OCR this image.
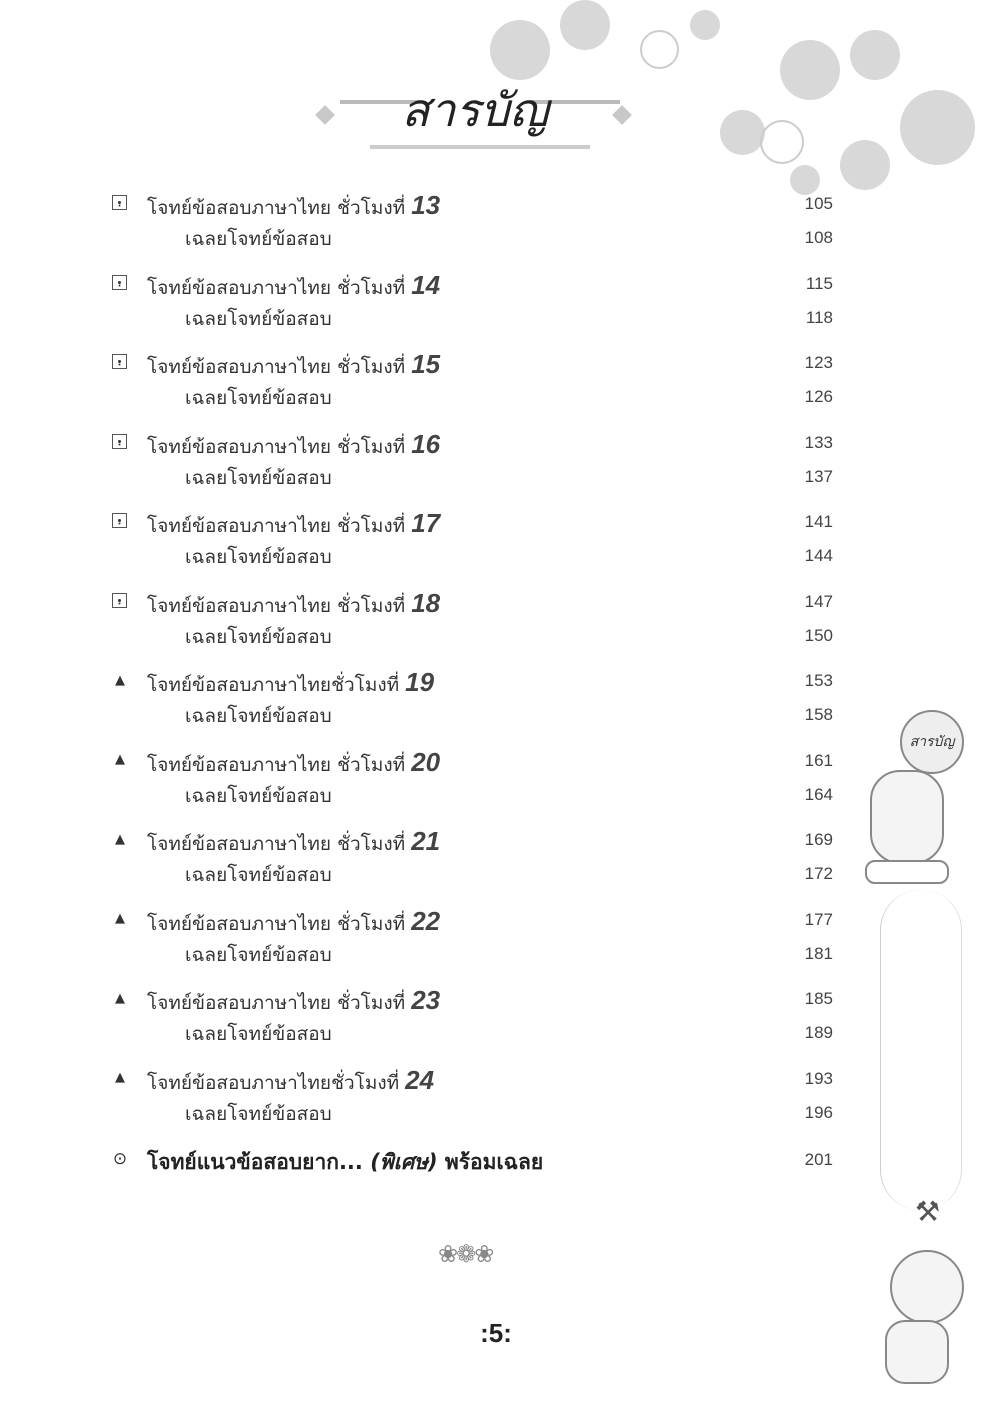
สารบัญ
โจทย์ข้อสอบภาษาไทย ชั่วโมงที่ 13	105
เฉลยโจทย์ข้อสอบ	108
โจทย์ข้อสอบภาษาไทย ชั่วโมงที่ 14	115
เฉลยโจทย์ข้อสอบ	118
โจทย์ข้อสอบภาษาไทย ชั่วโมงที่ 15	123
เฉลยโจทย์ข้อสอบ	126
โจทย์ข้อสอบภาษาไทย ชั่วโมงที่ 16	133
เฉลยโจทย์ข้อสอบ	137
โจทย์ข้อสอบภาษาไทย ชั่วโมงที่ 17	141
เฉลยโจทย์ข้อสอบ	144
โจทย์ข้อสอบภาษาไทย ชั่วโมงที่ 18	147
เฉลยโจทย์ข้อสอบ	150
▲ โจทย์ข้อสอบภาษาไทยชั่วโมงที่ 19	153
เฉลยโจทย์ข้อสอบ	158
▲ โจทย์ข้อสอบภาษาไทย ชั่วโมงที่ 20	161
เฉลยโจทย์ข้อสอบ	164
▲ โจทย์ข้อสอบภาษาไทย ชั่วโมงที่ 21	169
เฉลยโจทย์ข้อสอบ	172
▲ โจทย์ข้อสอบภาษาไทย ชั่วโมงที่ 22	177
เฉลยโจทย์ข้อสอบ	181
▲ โจทย์ข้อสอบภาษาไทย ชั่วโมงที่ 23	185
เฉลยโจทย์ข้อสอบ	189
▲ โจทย์ข้อสอบภาษาไทยชั่วโมงที่ 24	193
เฉลยโจทย์ข้อสอบ	196
⊙ โจทย์แนวข้อสอบยาก... (พิเศษ) พร้อมเฉลย	201
❀❁❀
:5:
สารบัญ
⚒
